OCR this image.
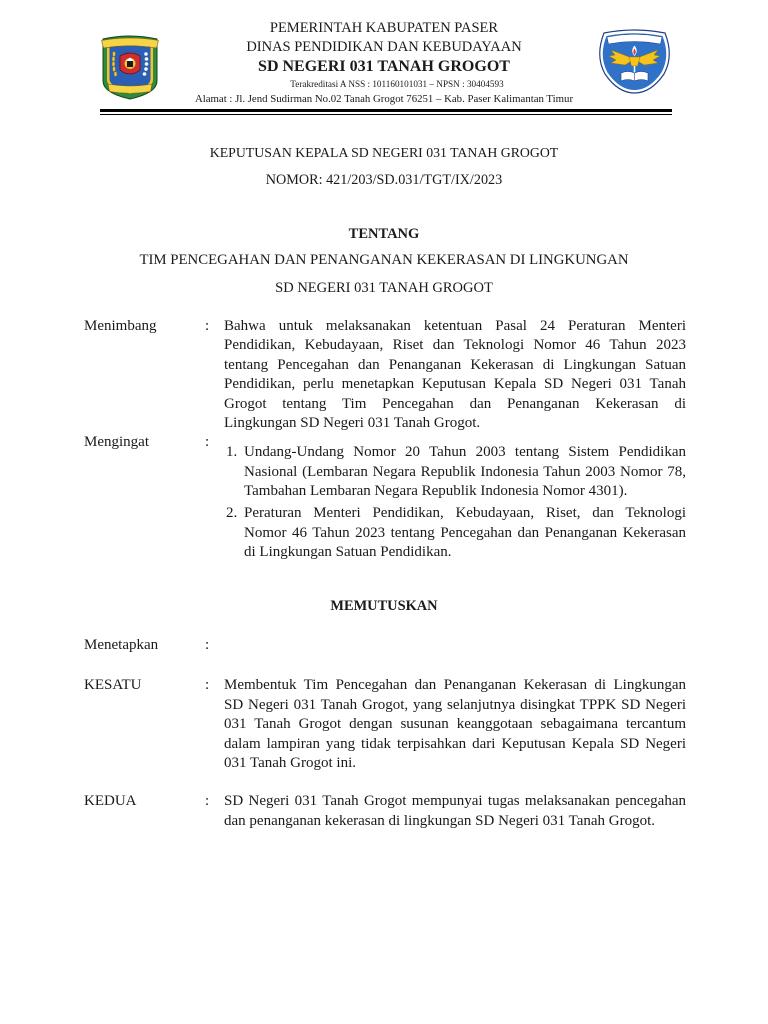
PEMERINTAH KABUPATEN PASER
DINAS PENDIDIKAN DAN KEBUDAYAAN
SD NEGERI 031 TANAH GROGOT
Terakreditasi A NSS : 101160101031 – NPSN : 30404593
Alamat : Jl. Jend Sudirman No.02 Tanah Grogot 76251 – Kab. Paser Kalimantan Timur
KEPUTUSAN KEPALA SD NEGERI 031 TANAH GROGOT
NOMOR: 421/203/SD.031/TGT/IX/2023
TENTANG
TIM PENCEGAHAN DAN PENANGANAN KEKERASAN DI LINGKUNGAN
SD NEGERI 031 TANAH GROGOT
Menimbang	: Bahwa untuk melaksanakan ketentuan Pasal 24 Peraturan Menteri
Pendidikan, Kebudayaan, Riset dan Teknologi Nomor 46 Tahun 2023
tentang Pencegahan dan Penanganan Kekerasan di Lingkungan Satuan
Pendidikan, perlu menetapkan Keputusan Kepala SD Negeri 031 Tanah
Grogot tentang Tim Pencegahan dan Penanganan Kekerasan di
Lingkungan SD Negeri 031 Tanah Grogot.
Mengingat	:
1. Undang-Undang Nomor 20 Tahun 2003 tentang Sistem Pendidikan
Nasional (Lembaran Negara Republik Indonesia Tahun 2003 Nomor 78,
Tambahan Lembaran Negara Republik Indonesia Nomor 4301).
2. Peraturan Menteri Pendidikan, Kebudayaan, Riset, dan Teknologi
Nomor 46 Tahun 2023 tentang Pencegahan dan Penanganan Kekerasan
di Lingkungan Satuan Pendidikan.
MEMUTUSKAN
Menetapkan	:
KESATU	: Membentuk Tim Pencegahan dan Penanganan Kekerasan di Lingkungan
SD Negeri 031 Tanah Grogot, yang selanjutnya disingkat TPPK SD Negeri
031 Tanah Grogot dengan susunan keanggotaan sebagaimana tercantum
dalam lampiran yang tidak terpisahkan dari Keputusan Kepala SD Negeri
031 Tanah Grogot ini.
KEDUA	: SD Negeri 031 Tanah Grogot mempunyai tugas melaksanakan pencegahan
dan penanganan kekerasan di lingkungan SD Negeri 031 Tanah Grogot.
